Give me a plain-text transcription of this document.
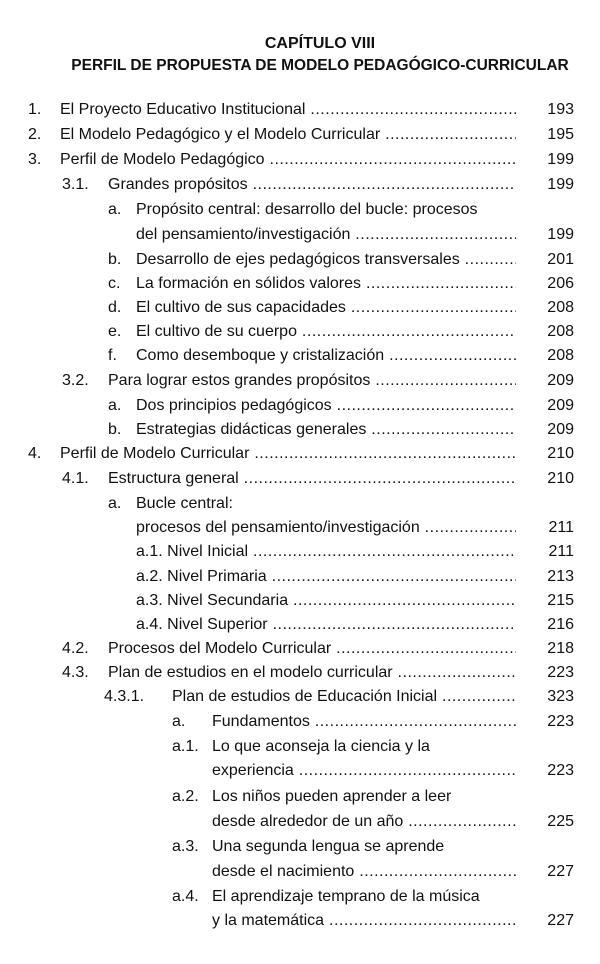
CAPÍTULO VIII
PERFIL DE PROPUESTA DE MODELO PEDAGÓGICO-CURRICULAR
1. El Proyecto Educativo Institucional .....	193
2. El Modelo Pedagógico y el Modelo Curricular .....	195
3. Perfil de Modelo Pedagógico .....	199
3.1. Grandes propósitos .....	199
a. Propósito central: desarrollo del bucle: procesos
del pensamiento/investigación .....	199
b. Desarrollo de ejes pedagógicos transversales .....	201
c. La formación en sólidos valores .....	206
d. El cultivo de sus capacidades .....	208
e. El cultivo de su cuerpo .....	208
f. Como desemboque y cristalización .....	208
3.2. Para lograr estos grandes propósitos .....	209
a. Dos principios pedagógicos .....	209
b. Estrategias didácticas generales .....	209
4. Perfil de Modelo Curricular .....	210
4.1. Estructura general .....	210
a. Bucle central:
procesos del pensamiento/investigación .....	211
a.1. Nivel Inicial .....	211
a.2. Nivel Primaria .....	213
a.3. Nivel Secundaria .....	215
a.4. Nivel Superior .....	216
4.2. Procesos del Modelo Curricular .....	218
4.3. Plan de estudios en el modelo curricular .....	223
4.3.1. Plan de estudios de Educación Inicial .....	323
a. Fundamentos .....	223
a.1. Lo que aconseja la ciencia y la
experiencia .....	223
a.2. Los niños pueden aprender a leer
desde alrededor de un año .....	225
a.3. Una segunda lengua se aprende
desde el nacimiento .....	227
a.4. El aprendizaje temprano de la música
y la matemática .....	227
